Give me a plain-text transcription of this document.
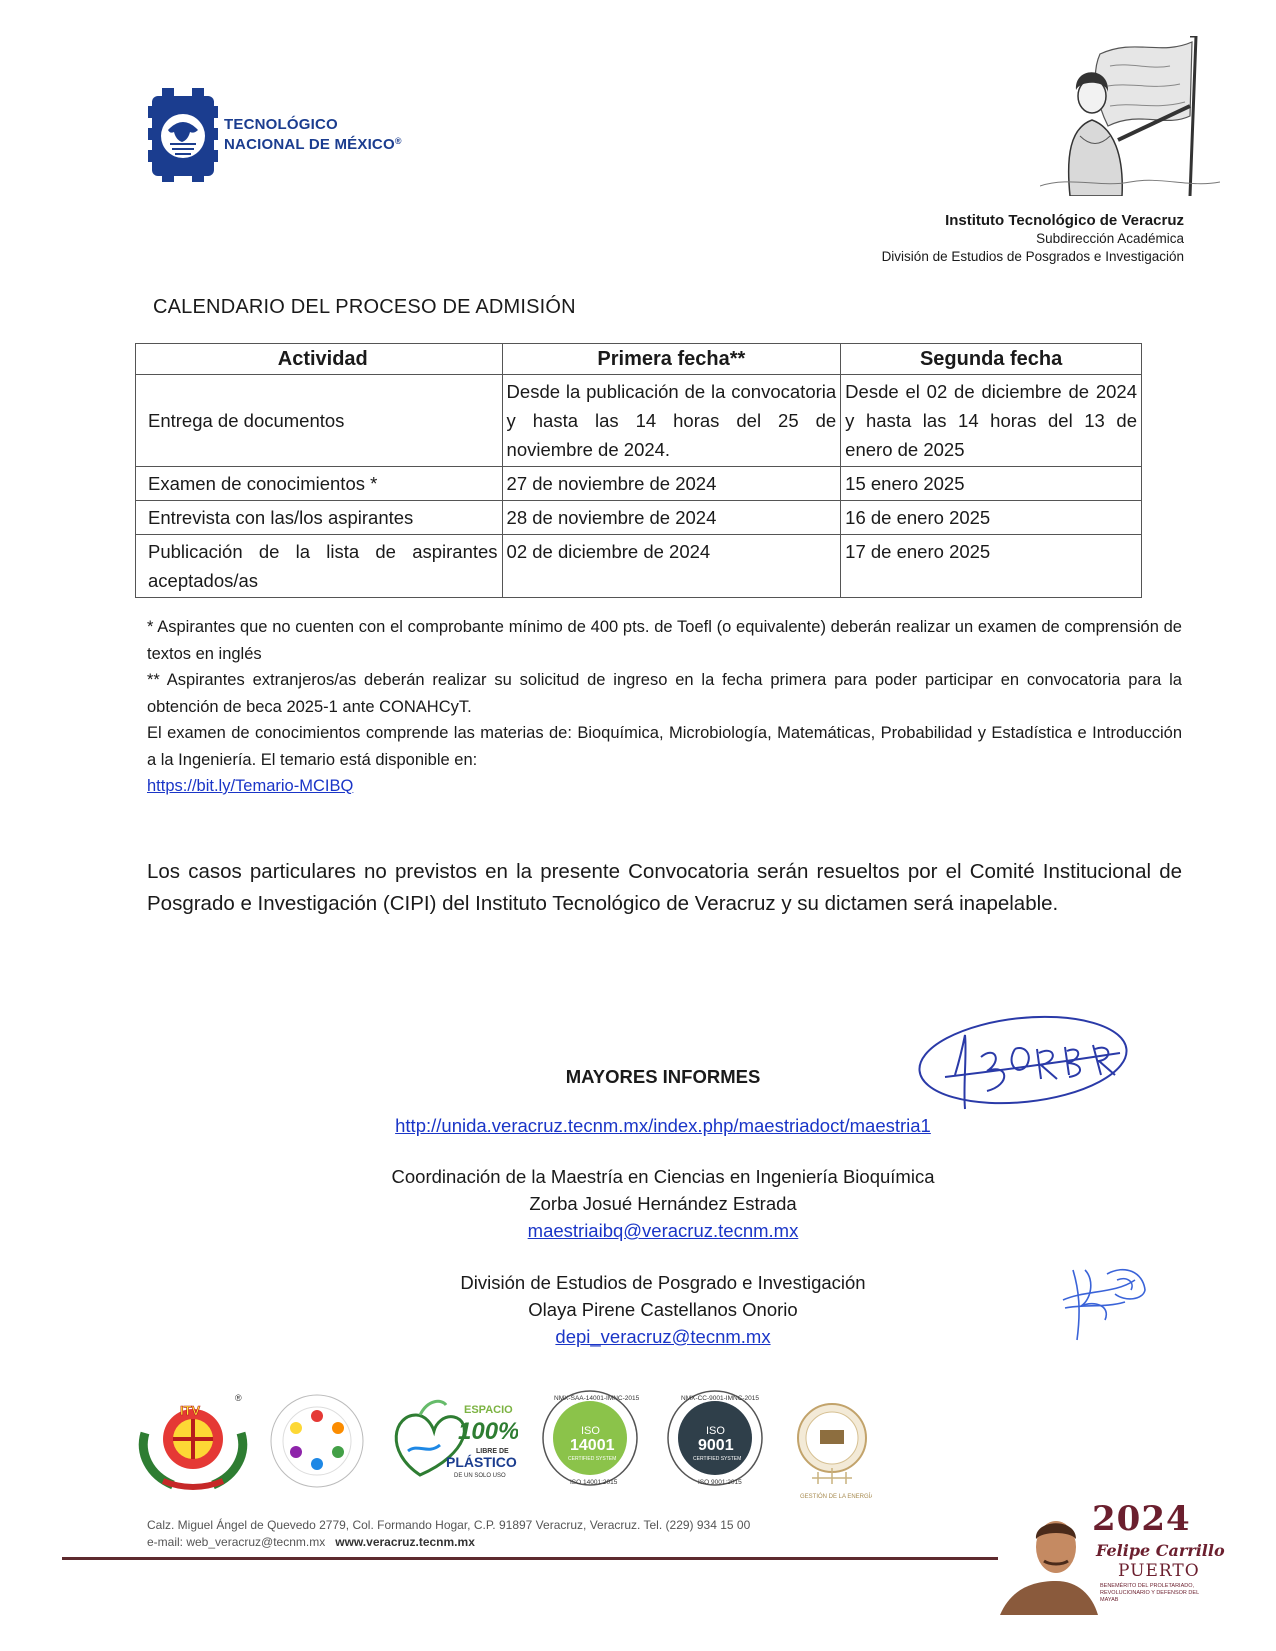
TECNOLÓGICO
NACIONAL DE MÉXICO®
Instituto Tecnológico de Veracruz
Subdirección Académica
División de Estudios de Posgrados e Investigación
CALENDARIO DEL PROCESO DE ADMISIÓN
Actividad	Primera fecha**	Segunda fecha
Entrega de documentos	Desde la publicación de la convocatoria y hasta las 14 horas del 25 de noviembre de 2024.	Desde el 02 de diciembre de 2024 y hasta las 14 horas del 13 de enero de 2025
Examen de conocimientos *	27 de noviembre de 2024	15 enero 2025
Entrevista con las/los aspirantes	28 de noviembre de 2024	16 de enero 2025
Publicación de la lista de aspirantes aceptados/as	02 de diciembre de 2024	17 de enero 2025

* Aspirantes que no cuenten con el comprobante mínimo de 400 pts. de Toefl (o equivalente) deberán realizar un examen de comprensión de textos en inglés

** Aspirantes extranjeros/as deberán realizar su solicitud de ingreso en la fecha primera para poder participar en convocatoria para la obtención de beca 2025-1 ante CONAHCyT.

El examen de conocimientos comprende las materias de: Bioquímica, Microbiología, Matemáticas, Probabilidad y Estadística e Introducción a la Ingeniería. El temario está disponible en:

https://bit.ly/Temario-MCIBQ

Los casos particulares no previstos en la presente Convocatoria serán resueltos por el Comité Institucional de Posgrado e Investigación (CIPI) del Instituto Tecnológico de Veracruz y su dictamen será inapelable.

MAYORES INFORMES
http://unida.veracruz.tecnm.mx/index.php/maestriadoct/maestria1
Coordinación de la Maestría en Ciencias en Ingeniería Bioquímica
Zorba Josué Hernández Estrada
maestriaibq@veracruz.tecnm.mx
División de Estudios de Posgrado e Investigación
Olaya Pirene Castellanos Onorio
depi_veracruz@tecnm.mx
ITV
®
ESPACIO
100%
LIBRE DE
PLÁSTICO
DE UN SOLO USO
NMX-SAA-14001-IMNC-2015
ISO
14001
CERTIFIED SYSTEM
ISO 14001:2015
NMX-CC-9001-IMNC-2015
ISO
9001
CERTIFIED SYSTEM
ISO 9001:2015
GESTIÓN DE LA ENERGÍA
Calz. Miguel Ángel de Quevedo 2779, Col. Formando Hogar, C.P. 91897 Veracruz, Veracruz. Tel. (229) 934 15 00
e-mail: web_veracruz@tecnm.mx www.veracruz.tecnm.mx
2024
Felipe Carrillo
PUERTO
BENEMÉRITO DEL PROLETARIADO, REVOLUCIONARIO Y DEFENSOR DEL MAYAB
